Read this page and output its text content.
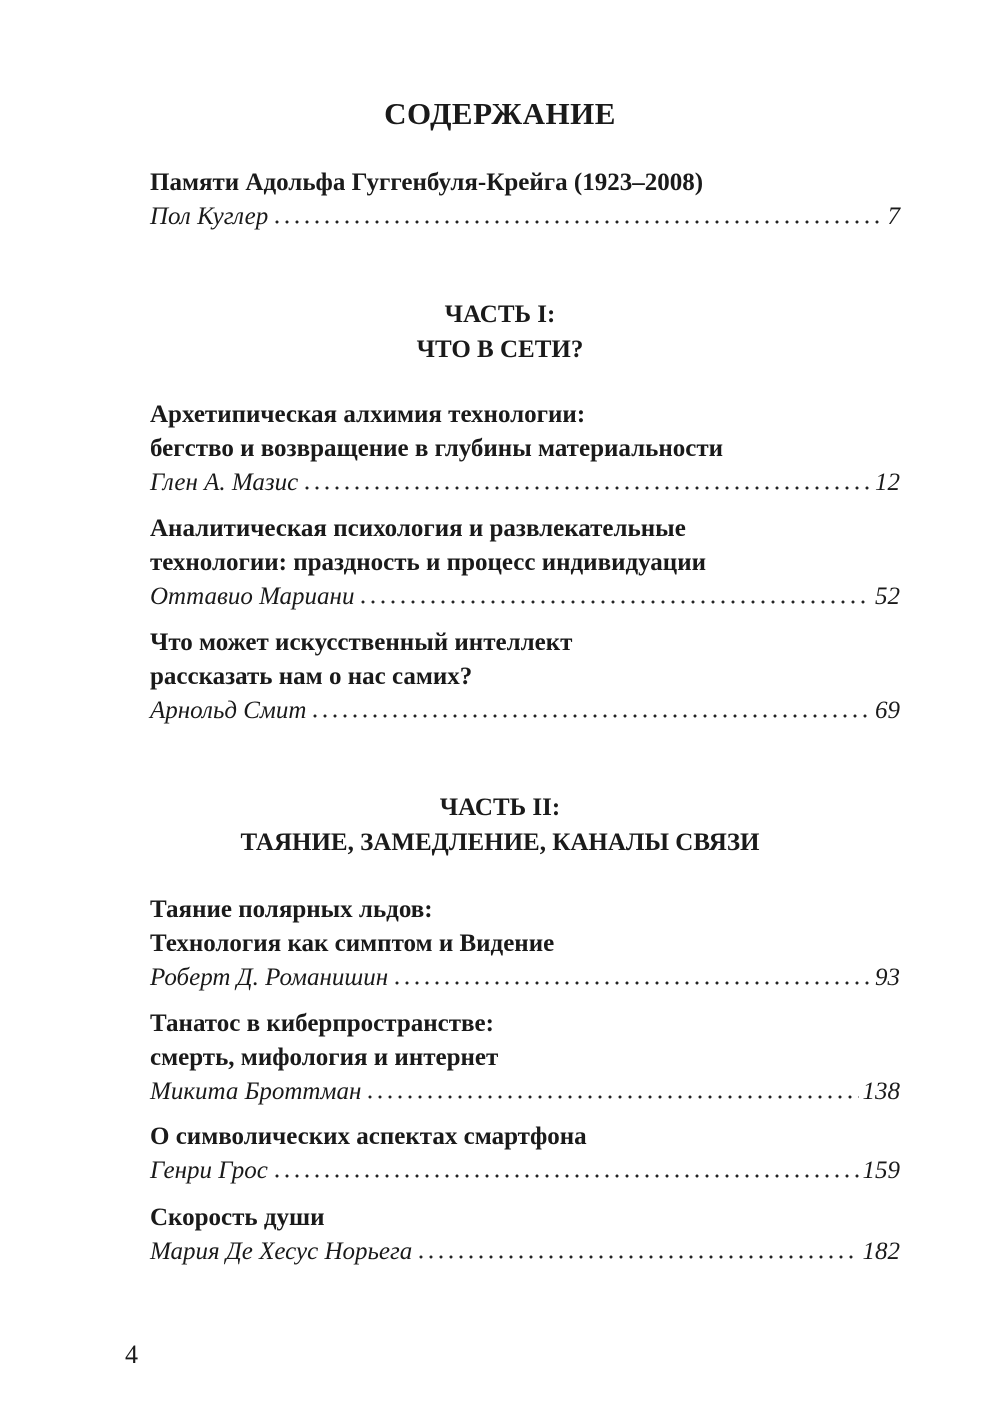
СОДЕРЖАНИЕ
Памяти Адольфа Гуггенбуля-Крейга (1923–2008)
Пол Куглер	7
ЧАСТЬ I:
ЧТО В СЕТИ?
Архетипическая алхимия технологии:
бегство и возвращение в глубины материальности
Глен А. Мазис	12
Аналитическая психология и развлекательные
технологии: праздность и процесс индивидуации
Оттавио Мариани	52
Что может искусственный интеллект
рассказать нам о нас самих?
Арнольд Смит	69
ЧАСТЬ II:
ТАЯНИЕ, ЗАМЕДЛЕНИЕ, КАНАЛЫ СВЯЗИ
Таяние полярных льдов:
Технология как симптом и Видение
Роберт Д. Романишин	93
Танатос в киберпространстве:
смерть, мифология и интернет
Микита Броттман	138
О символических аспектах смартфона
Генри Грос	159
Скорость души
Мария Де Хесус Норьега	182
4
